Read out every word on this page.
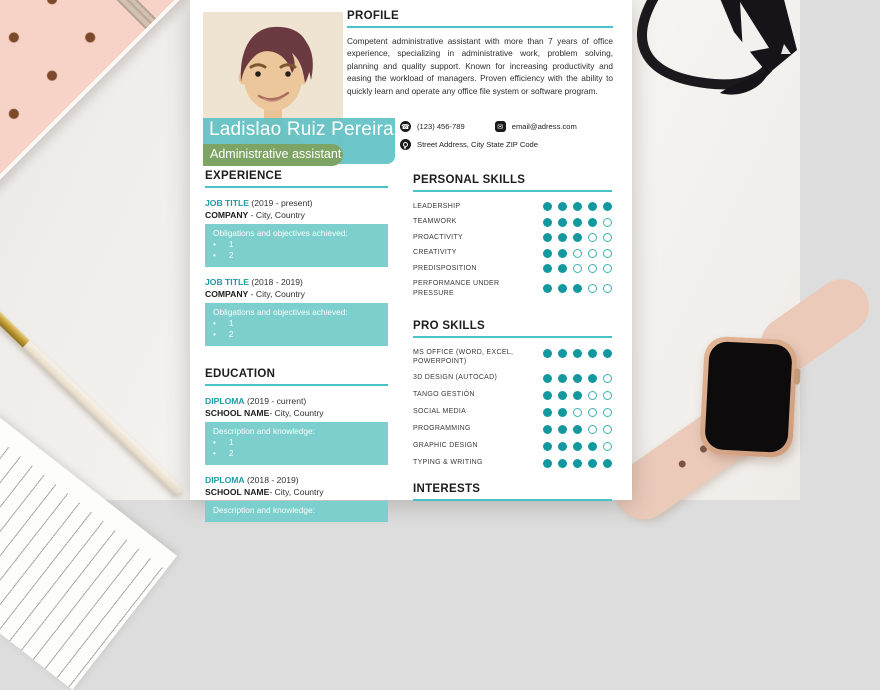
Ladislao Ruiz Pereira
Administrative assistant
PROFILE
Competent administrative assistant with more than 7 years of office experience, specializing in administrative work, problem solving, planning and quality support. Known for increasing productivity and easing the workload of managers. Proven efficiency with the ability to quickly learn and operate any office file system or software program.
☎ (123) 456-789	✉	email@adress.com
Street Address, City State ZIP Code
EXPERIENCE
JOB TITLE (2019 - present)
COMPANY - City, Country
Obligations and objectives achieved:
• 1
• 2
JOB TITLE (2018 - 2019)
COMPANY - City, Country
Obligations and objectives achieved:
• 1
• 2
EDUCATION
DIPLOMA (2019 - current)
SCHOOL NAME- City, Country
Description and knowledge:
• 1
• 2
DIPLOMA (2018 - 2019)
SCHOOL NAME- City, Country
Description and knowledge:
PERSONAL SKILLS
LEADERSHIP
TEAMWORK
PROACTIVITY
CREATIVITY
PREDISPOSITION
PERFORMANCE UNDER PRESSURE
PRO SKILLS
MS OFFICE (WORD, EXCEL, POWERPOINT)
3D DESIGN (AUTOCAD)
TANGO GESTIÓN
SOCIAL MEDIA
PROGRAMMING
GRAPHIC DESIGN
TYPING & WRITING
INTERESTS
